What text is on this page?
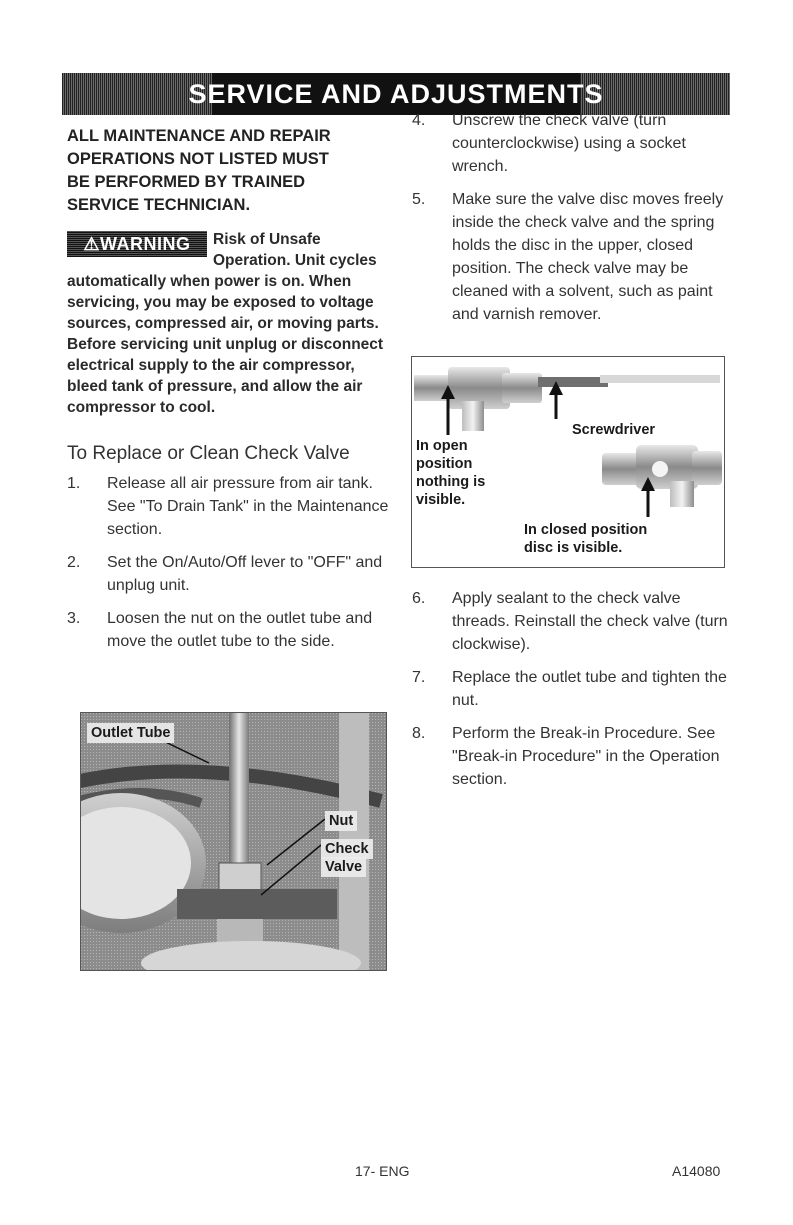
SERVICE AND ADJUSTMENTS

ALL MAINTENANCE AND REPAIR

OPERATIONS NOT LISTED MUST

BE PERFORMED BY TRAINED

SERVICE TECHNICIAN.

⚠WARNING	Risk of Unsafe Operation. Unit cycles automatically when power is on. When servicing, you may be exposed to voltage sources, compressed air, or moving parts. Before servicing unit unplug or disconnect electrical supply to the air compressor, bleed tank of pressure, and allow the air compressor to cool.
To Replace or Clean Check Valve
1. Release all air pressure from air tank. See "To Drain Tank" in the Maintenance section.
2. Set the On/Auto/Off lever to "OFF" and unplug unit.
3. Loosen the nut on the outlet tube and move the outlet tube to the side.
4. Unscrew the check valve (turn counterclockwise) using a socket wrench.
5. Make sure the valve disc moves freely inside the check valve and the spring holds the disc in the upper, closed position. The check valve may be cleaned with a solvent, such as paint and varnish remover.
6. Apply sealant to the check valve threads. Reinstall the check valve (turn clockwise).
7. Replace the outlet tube and tighten the nut.
8. Perform the Break-in Procedure. See "Break-in Procedure" in the Operation section.
Screwdriver
In open
position
nothing is
visible.
In closed position
disc is visible.
Outlet Tube
Nut
Check
Valve
17- ENG	A14080
